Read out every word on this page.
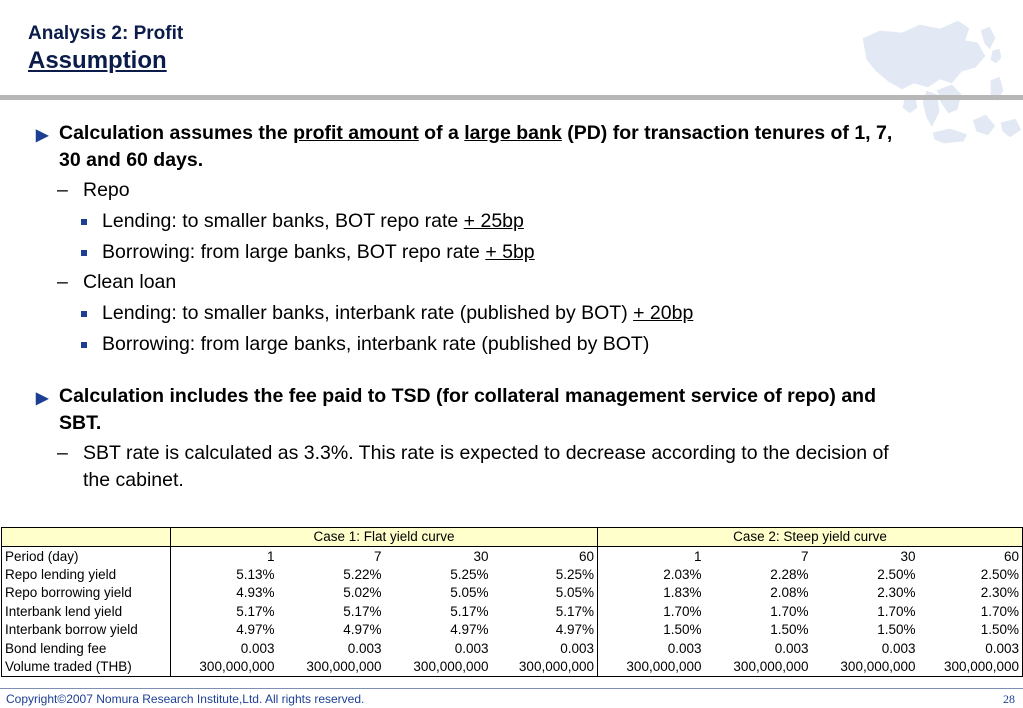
Analysis 2: Profit
Assumption
▶ Calculation assumes the profit amount of a large bank (PD) for transaction tenures of 1, 7, 30 and 60 days.
– Repo
Lending: to smaller banks, BOT repo rate + 25bp
Borrowing: from large banks, BOT repo rate + 5bp
– Clean loan
Lending: to smaller banks, interbank rate (published by BOT) + 20bp
Borrowing: from large banks, interbank rate (published by BOT)
▶ Calculation includes the fee paid to TSD (for collateral management service of repo) and SBT.
– SBT rate is calculated as 3.3%. This rate is expected to decrease according to the decision of the cabinet.
	Case 1: Flat yield curve				Case 2: Steep yield curve			
Period (day)	1	7	30	60	1	7	30	60
Repo lending yield	5.13%	5.22%	5.25%	5.25%	2.03%	2.28%	2.50%	2.50%
Repo borrowing yield	4.93%	5.02%	5.05%	5.05%	1.83%	2.08%	2.30%	2.30%
Interbank lend yield	5.17%	5.17%	5.17%	5.17%	1.70%	1.70%	1.70%	1.70%
Interbank borrow yield	4.97%	4.97%	4.97%	4.97%	1.50%	1.50%	1.50%	1.50%
Bond lending fee	0.003	0.003	0.003	0.003	0.003	0.003	0.003	0.003
Volume traded (THB)	300,000,000	300,000,000	300,000,000	300,000,000	300,000,000	300,000,000	300,000,000	300,000,000
Copyright©2007 Nomura Research Institute,Ltd. All rights reserved.	28
